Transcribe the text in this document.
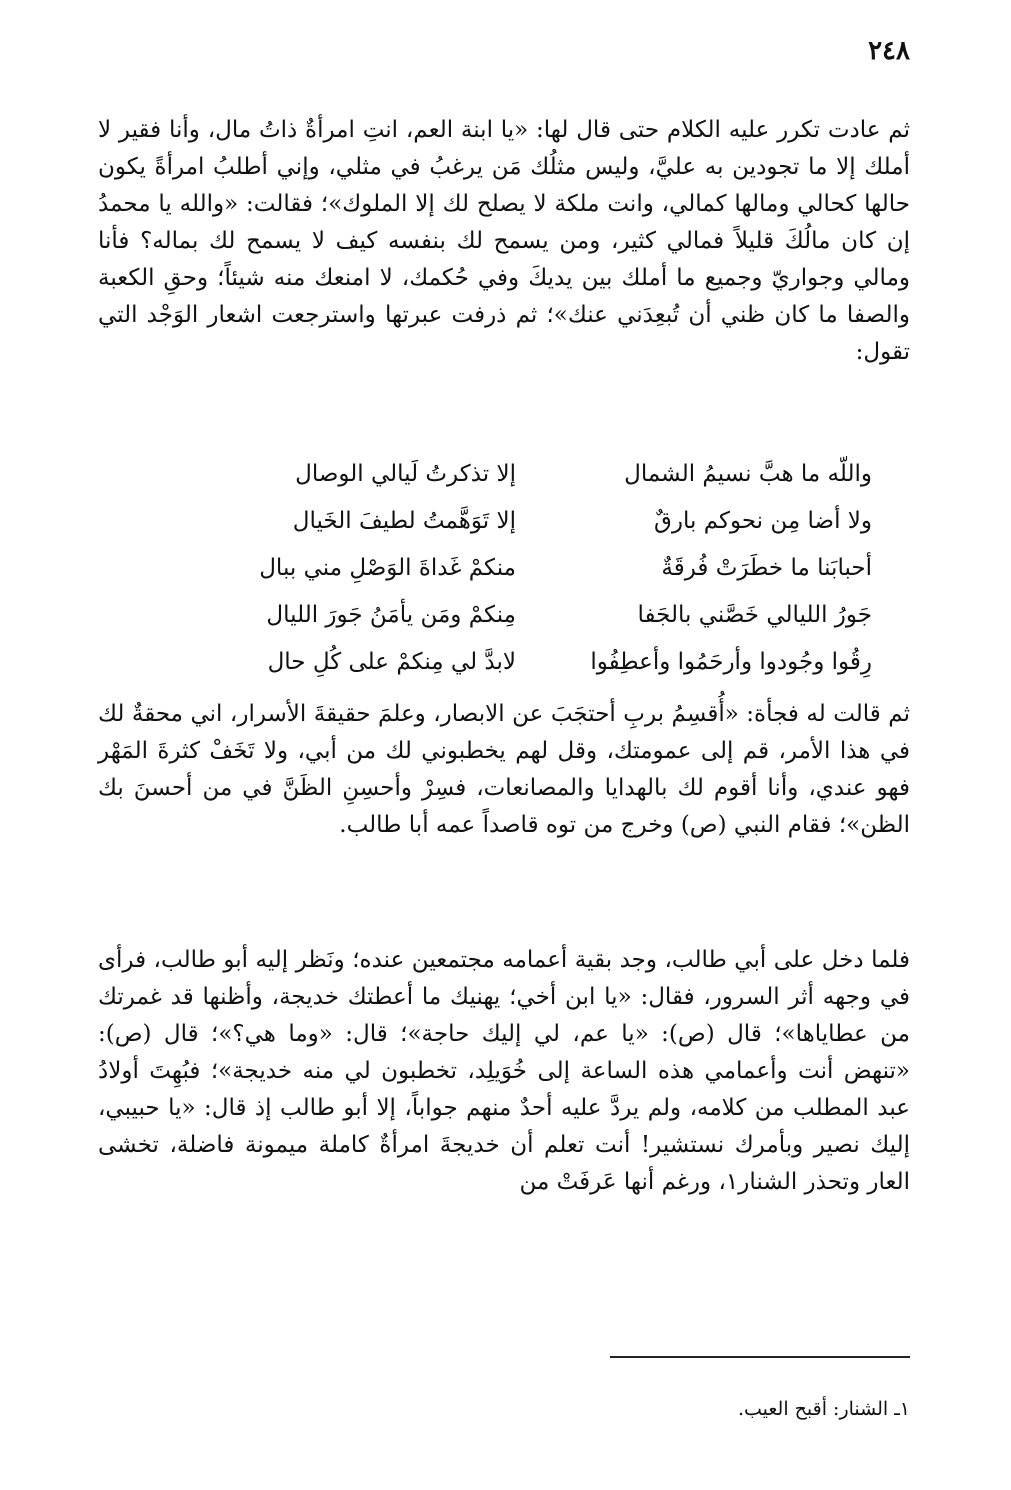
٢٤٨

ثم عادت تكرر عليه الكلام حتى قال لها: «يا ابنة العم، انتِ امرأةٌ ذاتُ مال، وأنا فقير لا أملك إلا ما تجودين به عليَّ، وليس مثلُك مَن يرغبُ في مثلي، وإني أطلبُ امرأةً يكون حالها كحالي ومالها كمالي، وانت ملكة لا يصلح لك إلا الملوك»؛ فقالت: «والله يا محمدُ إن كان مالُكَ قليلاً فمالي كثير، ومن يسمح لك بنفسه كيف لا يسمح لك بماله؟ فأنا ومالي وجواريّ وجميع ما أملك بين يديكَ وفي حُكمك، لا امنعك منه شيئاً؛ وحقِ الكعبة والصفا ما كان ظني أن تُبعِدَني عنك»؛ ثم ذرفت عبرتها واسترجعت اشعار الوَجْد التي تقول:

واللّه ما هبَّ نسيمُ الشمال
إلا تذكرتُ لَيالي الوصال
ولا أضا مِن نحوكم بارقٌ
إلا تَوَهَّمتُ لطيفَ الخَيال
أحبابَنا ما خطَرَتْ فُرقَةٌ
منكمْ غَداةَ الوَصْلِ مني ببال
جَورُ الليالي خَصَّني بالجَفا
مِنكمْ ومَن يأمَنُ جَورَ الليال
رِقُوا وجُودوا وأرحَمُوا وأعطِفُوا
لابدَّ لي مِنكمْ على كُلِ حال

ثم قالت له فجأة: «أُقسِمُ بربِ أحتجَبَ عن الابصار، وعلمَ حقيقةَ الأسرار، اني محقةٌ لك في هذا الأمر، قم إلى عمومتك، وقل لهم يخطبوني لك من أبي، ولا تَخَفْ كثرةَ المَهْر فهو عندي، وأنا أقوم لك بالهدايا والمصانعات، فسِرْ وأحسِنِ الظَنَّ في من أحسنَ بك الظن»؛ فقام النبي (ص) وخرج من توه قاصداً عمه أبا طالب.

فلما دخل على أبي طالب، وجد بقية أعمامه مجتمعين عنده؛ ونَظر إليه أبو طالب، فرأى في وجهه أثر السرور، فقال: «يا ابن أخي؛ يهنيك ما أعطتك خديجة، وأظنها قد غمرتك من عطاياها»؛ قال (ص): «يا عم، لي إليك حاجة»؛ قال: «وما هي؟»؛ قال (ص): «تنهض أنت وأعمامي هذه الساعة إلى خُوَيلِد، تخطبون لي منه خديجة»؛ فبُهِتَ أولادُ عبد المطلب من كلامه، ولم يردَّ عليه أحدٌ منهم جواباً، إلا أبو طالب إذ قال: «يا حبيبي، إليك نصير وبأمرك نستشير! أنت تعلم أن خديجةَ امرأةٌ كاملة ميمونة فاضلة، تخشى العار وتحذر الشنار١، ورغم أنها عَرفَتْ من

١ـ الشنار: أقبح العيب.
